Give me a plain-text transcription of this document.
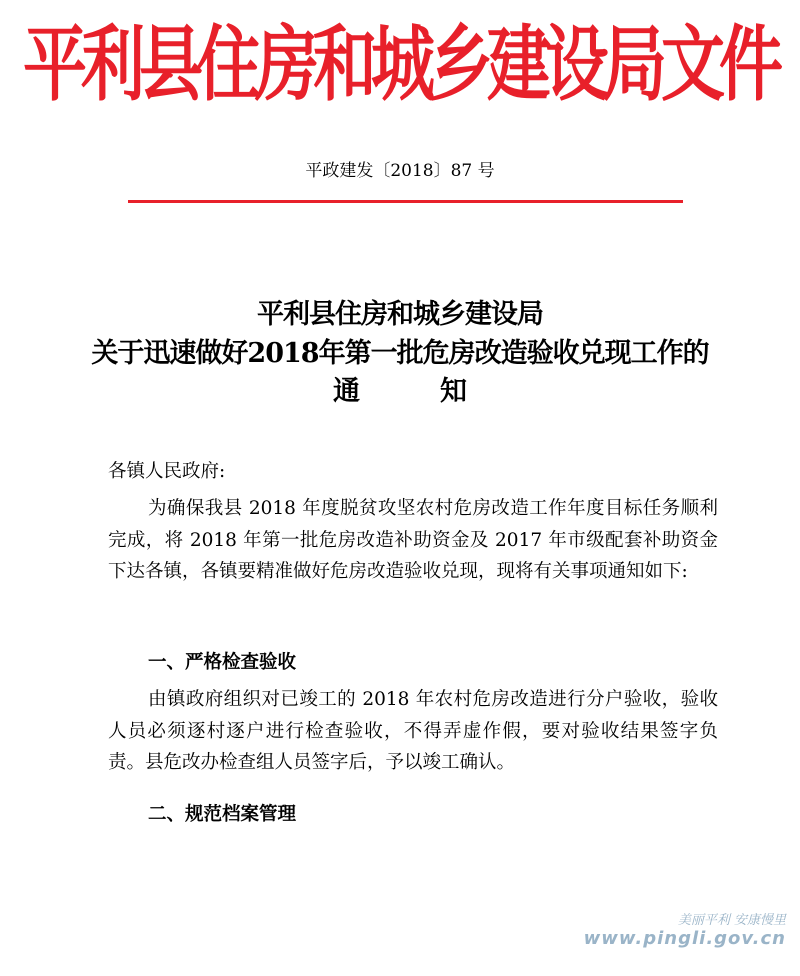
平利县住房和城乡建设局文件
平政建发〔2018〕87 号
平利县住房和城乡建设局
关于迅速做好2018年第一批危房改造验收兑现工作的
通	知
各镇人民政府:
为确保我县 2018 年度脱贫攻坚农村危房改造工作年度目标任务顺利完成，将 2018 年第一批危房改造补助资金及 2017 年市级配套补助资金下达各镇，各镇要精准做好危房改造验收兑现，现将有关事项通知如下:
一、严格检查验收
由镇政府组织对已竣工的 2018 年农村危房改造进行分户验收，验收人员必须逐村逐户进行检查验收，不得弄虚作假，要对验收结果签字负责。县危改办检查组人员签字后，予以竣工确认。
二、规范档案管理
美丽平利 安康慢里
www.pingli.gov.cn
